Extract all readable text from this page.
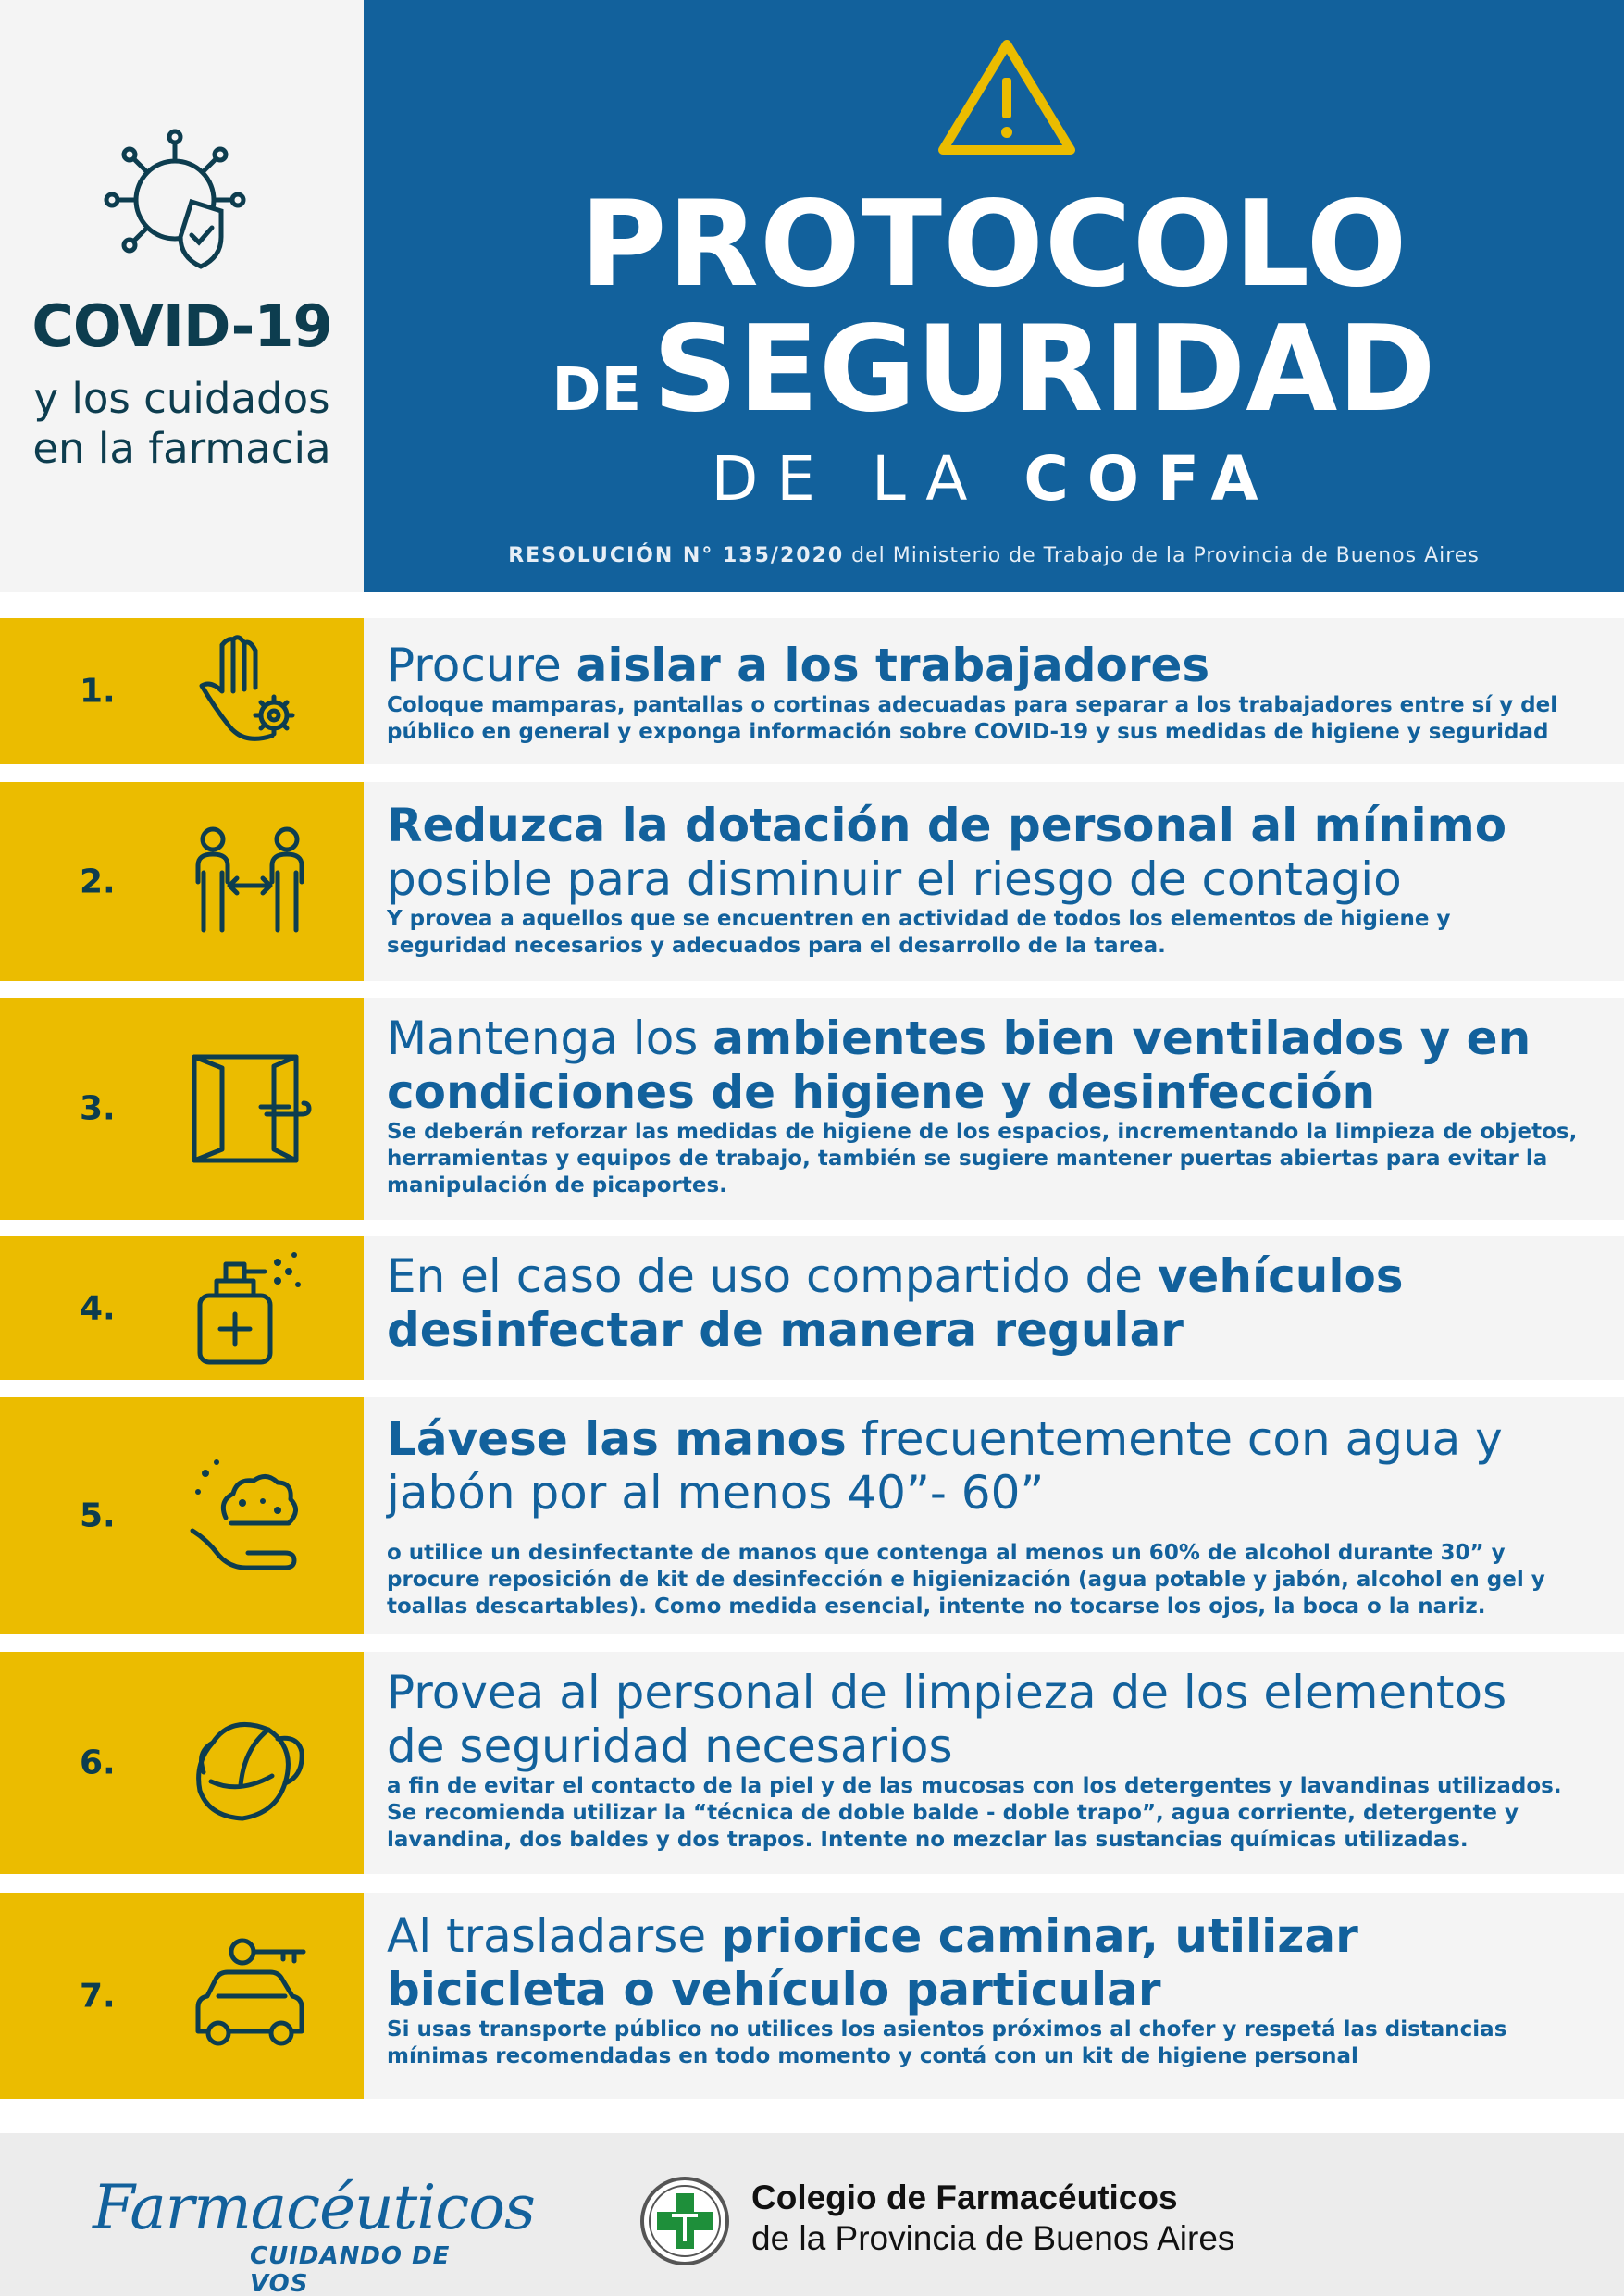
COVID-19
y los cuidados
en la farmacia
PROTOCOLO
DESEGURIDAD
DE LA COFA
RESOLUCIÓN N° 135/2020 del Ministerio de Trabajo de la Provincia de Buenos Aires
1.	Procure aislar a los trabajadores
Coloque mamparas, pantallas o cortinas adecuadas para separar a los trabajadores entre sí y del público en general y exponga información sobre COVID-19 y sus medidas de higiene y seguridad
2.
Reduzca la dotación de personal al mínimo posible para disminuir el riesgo de contagio
Y provea a aquellos que se encuentren en actividad de todos los elementos de higiene y seguridad necesarios y adecuados para el desarrollo de la tarea.
3.
Mantenga los ambientes bien ventilados y en condiciones de higiene y desinfección
Se deberán reforzar las medidas de higiene de los espacios, incrementando la limpieza de objetos, herramientas y equipos de trabajo, también se sugiere mantener puertas abiertas para evitar la manipulación de picaportes.
4.
En el caso de uso compartido de vehículos desinfectar de manera regular
5.
Lávese las manos frecuentemente con agua y jabón por al menos 40”- 60”
o utilice un desinfectante de manos que contenga al menos un 60% de alcohol durante 30” y procure reposición de kit de desinfección e higienización (agua potable y jabón, alcohol en gel y toallas descartables). Como medida esencial, intente no tocarse los ojos, la boca o la nariz.
6.
Provea al personal de limpieza de los elementos de seguridad necesarios
a fin de evitar el contacto de la piel y de las mucosas con los detergentes y lavandinas utilizados. Se recomienda utilizar la “técnica de doble balde - doble trapo”, agua corriente, detergente y lavandina, dos baldes y dos trapos. Intente no mezclar las sustancias químicas utilizadas.
7.
Al trasladarse priorice caminar, utilizar bicicleta o vehículo particular
Si usas transporte público no utilices los asientos próximos al chofer y respetá las distancias mínimas recomendadas en todo momento y contá con un kit de higiene personal
Farmacéuticos
CUIDANDO DE VOS
Colegio de Farmacéuticos
de la Provincia de Buenos Aires
